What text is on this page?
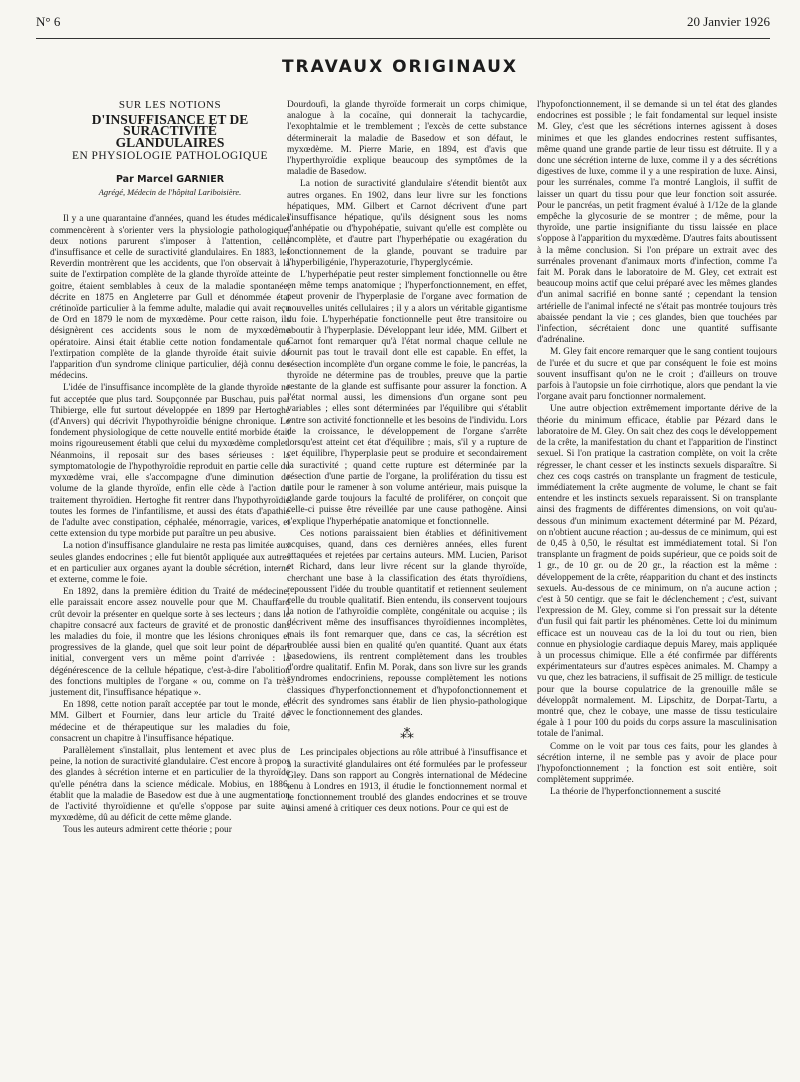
N° 6	20 Janvier 1926
TRAVAUX ORIGINAUX
SUR LES NOTIONS
D'INSUFFISANCE ET DE SURACTIVITÉ
GLANDULAIRES
EN PHYSIOLOGIE PATHOLOGIQUE
Par Marcel GARNIER
Agrégé, Médecin de l'hôpital Lariboisière.

Il y a une quarantaine d'années, quand les études médicales commencèrent à s'orienter vers la physiologie pathologique, deux notions parurent s'imposer à l'attention, celle d'insuffisance et celle de suractivité glandulaires. En 1883, les Reverdin montrèrent que les accidents, que l'on observait à la suite de l'extirpation complète de la glande thyroïde atteinte de goitre, étaient semblables à ceux de la maladie spontanée, décrite en 1875 en Angleterre par Gull et dénommée état crétinoïde particulier à la femme adulte, maladie qui avait reçu de Ord en 1879 le nom de myxœdème. Pour cette raison, ils désignèrent ces accidents sous le nom de myxœdème opératoire. Ainsi était établie cette notion fondamentale que l'extirpation complète de la glande thyroïde était suivie de l'apparition d'un syndrome clinique particulier, déjà connu des médecins.

L'idée de l'insuffisance incomplète de la glande thyroïde ne fut acceptée que plus tard. Soupçonnée par Buschau, puis par Thibierge, elle fut surtout développée en 1899 par Hertoghe (d'Anvers) qui décrivit l'hypothyroïdie bénigne chronique. Le fondement physiologique de cette nouvelle entité morbide était moins rigoureusement établi que celui du myxœdème complet. Néanmoins, il reposait sur des bases sérieuses : la symptomatologie de l'hypothyroïdie reproduit en partie celle du myxœdème vrai, elle s'accompagne d'une diminution de volume de la glande thyroïde, enfin elle cède à l'action du traitement thyroïdien. Hertoghe fit rentrer dans l'hypothyroïdie toutes les formes de l'infantilisme, et aussi des états d'apathie de l'adulte avec constipation, céphalée, ménorragie, varices, et cette extension du type morbide put paraître un peu abusive.

La notion d'insuffisance glandulaire ne resta pas limitée aux seules glandes endocrines ; elle fut bientôt appliquée aux autres et en particulier aux organes ayant la double sécrétion, interne et externe, comme le foie.

En 1892, dans la première édition du Traité de médecine, elle paraissait encore assez nouvelle pour que M. Chauffard crût devoir la présenter en quelque sorte à ses lecteurs ; dans le chapitre consacré aux facteurs de gravité et de pronostic dans les maladies du foie, il montre que les lésions chroniques et progressives de la glande, quel que soit leur point de départ initial, convergent vers un même point d'arrivée : la dégénérescence de la cellule hépatique, c'est-à-dire l'abolition des fonctions multiples de l'organe « ou, comme on l'a très justement dit, l'insuffisance hépatique ».

En 1898, cette notion paraît acceptée par tout le monde, et MM. Gilbert et Fournier, dans leur article du Traité de médecine et de thérapeutique sur les maladies du foie, consacrent un chapitre à l'insuffisance hépatique.

Parallèlement s'installait, plus lentement et avec plus de peine, la notion de suractivité glandulaire. C'est encore à propos des glandes à sécrétion interne et en particulier de la thyroïde qu'elle pénétra dans la science médicale. Mobius, en 1886, établit que la maladie de Basedow est due à une augmentation de l'activité thyroïdienne et qu'elle s'oppose par suite au myxœdème, dû au déficit de cette même glande.

Tous les auteurs admirent cette théorie ; pour

Dourdoufi, la glande thyroïde formerait un corps chimique, analogue à la cocaïne, qui donnerait la tachycardie, l'exophtalmie et le tremblement ; l'excès de cette substance déterminerait la maladie de Basedow et son défaut, le myxœdème. M. Pierre Marie, en 1894, est d'avis que l'hyperthyroïdie explique beaucoup des symptômes de la maladie de Basedow.

La notion de suractivité glandulaire s'étendit bientôt aux autres organes. En 1902, dans leur livre sur les fonctions hépatiques, MM. Gilbert et Carnot décrivent d'une part l'insuffisance hépatique, qu'ils désignent sous les noms d'anhépatie ou d'hypohépatie, suivant qu'elle est complète ou incomplète, et d'autre part l'hyperhépatie ou exagération du fonctionnement de la glande, pouvant se traduire par l'hyperbiligénie, l'hyperazoturie, l'hyperglycémie.

L'hyperhépatie peut rester simplement fonctionnelle ou être en même temps anatomique ; l'hyperfonctionnement, en effet, peut provenir de l'hyperplasie de l'organe avec formation de nouvelles unités cellulaires ; il y a alors un véritable gigantisme du foie. L'hyperhépatie fonctionnelle peut être transitoire ou aboutir à l'hyperplasie. Développant leur idée, MM. Gilbert et Carnot font remarquer qu'à l'état normal chaque cellule ne fournit pas tout le travail dont elle est capable. En effet, la résection incomplète d'un organe comme le foie, le pancréas, la thyroïde ne détermine pas de troubles, preuve que la partie restante de la glande est suffisante pour assurer la fonction. A l'état normal aussi, les dimensions d'un organe sont peu variables ; elles sont déterminées par l'équilibre qui s'établit entre son activité fonctionnelle et les besoins de l'individu. Lors de la croissance, le développement de l'organe s'arrête lorsqu'est atteint cet état d'équilibre ; mais, s'il y a rupture de cet équilibre, l'hyperplasie peut se produire et secondairement la suractivité ; quand cette rupture est déterminée par la résection d'une partie de l'organe, la prolifération du tissu est utile pour le ramener à son volume antérieur, mais puisque la glande garde toujours la faculté de proliférer, on conçoit que celle-ci puisse être réveillée par une cause pathogène. Ainsi s'explique l'hyperhépatie anatomique et fonctionnelle.

Ces notions paraissaient bien établies et définitivement acquises, quand, dans ces dernières années, elles furent attaquées et rejetées par certains auteurs. MM. Lucien, Parisot et Richard, dans leur livre récent sur la glande thyroïde, cherchant une base à la classification des états thyroïdiens, repoussent l'idée du trouble quantitatif et retiennent seulement celle du trouble qualitatif. Bien entendu, ils conservent toujours la notion de l'athyroïdie complète, congénitale ou acquise ; ils décrivent même des insuffisances thyroïdiennes incomplètes, mais ils font remarquer que, dans ce cas, la sécrétion est troublée aussi bien en qualité qu'en quantité. Quant aux états basedowiens, ils rentrent complètement dans les troubles d'ordre qualitatif. Enfin M. Porak, dans son livre sur les grands syndromes endocriniens, repousse complètement les notions classiques d'hyperfonctionnement et d'hypofonctionnement et décrit des syndromes sans établir de lien physio-pathologique avec le fonctionnement des glandes.

⁂

Les principales objections au rôle attribué à l'insuffisance et à la suractivité glandulaires ont été formulées par le professeur Gley. Dans son rapport au Congrès international de Médecine tenu à Londres en 1913, il étudie le fonctionnement normal et le fonctionnement troublé des glandes endocrines et se trouve ainsi amené à critiquer ces deux notions. Pour ce qui est de

l'hypofonctionnement, il se demande si un tel état des glandes endocrines est possible ; le fait fondamental sur lequel insiste M. Gley, c'est que les sécrétions internes agissent à doses minimes et que les glandes endocrines restent suffisantes, même quand une grande partie de leur tissu est détruite. Il y a donc une sécrétion interne de luxe, comme il y a des sécrétions digestives de luxe, comme il y a une respiration de luxe. Ainsi, pour les surrénales, comme l'a montré Langlois, il suffit de laisser un quart du tissu pour que leur fonction soit assurée. Pour le pancréas, un petit fragment évalué à 1/12e de la glande empêche la glycosurie de se montrer ; de même, pour la thyroïde, une partie insignifiante du tissu laissée en place s'oppose à l'apparition du myxœdème. D'autres faits aboutissent à la même conclusion. Si l'on prépare un extrait avec des surrénales provenant d'animaux morts d'infection, comme l'a fait M. Porak dans le laboratoire de M. Gley, cet extrait est beaucoup moins actif que celui préparé avec les mêmes glandes d'un animal sacrifié en bonne santé ; cependant la tension artérielle de l'animal infecté ne s'était pas montrée toujours très abaissée pendant la vie ; ces glandes, bien que touchées par l'infection, sécrétaient donc une quantité suffisante d'adrénaline.

M. Gley fait encore remarquer que le sang contient toujours de l'urée et du sucre et que par conséquent le foie est moins souvent insuffisant qu'on ne le croit ; d'ailleurs on trouve parfois à l'autopsie un foie cirrhotique, alors que pendant la vie l'organe avait paru fonctionner normalement.

Une autre objection extrêmement importante dérive de la théorie du minimum efficace, établie par Pézard dans le laboratoire de M. Gley. On sait chez des coqs le développement de la crête, la manifestation du chant et l'apparition de l'instinct sexuel. Si l'on pratique la castration complète, on voit la crête régresser, le chant cesser et les instincts sexuels disparaître. Si chez ces coqs castrés on transplante un fragment de testicule, immédiatement la crête augmente de volume, le chant se fait entendre et les instincts sexuels reparaissent. Si on transplante ainsi des fragments de différentes dimensions, on voit qu'au-dessous d'un minimum exactement déterminé par M. Pézard, on n'obtient aucune réaction ; au-dessus de ce minimum, qui est de 0,45 à 0,50, le résultat est immédiatement total. Si l'on transplante un fragment de poids supérieur, que ce poids soit de 1 gr., de 10 gr. ou de 20 gr., la réaction est la même : développement de la crête, réapparition du chant et des instincts sexuels. Au-dessous de ce minimum, on n'a aucune action ; c'est à 50 centigr. que se fait le déclenchement ; c'est, suivant l'expression de M. Gley, comme si l'on pressait sur la détente d'un fusil qui fait partir les phénomènes. Cette loi du minimum efficace est un nouveau cas de la loi du tout ou rien, bien connue en physiologie cardiaque depuis Marey, mais appliquée à un processus chimique. Elle a été confirmée par différents expérimentateurs sur d'autres espèces animales. M. Champy a vu que, chez les batraciens, il suffisait de 25 milligr. de testicule pour que la bourse copulatrice de la grenouille mâle se développât normalement. M. Lipschitz, de Dorpat-Tartu, a montré que, chez le cobaye, une masse de tissu testiculaire égale à 1 pour 100 du poids du corps assure la masculinisation totale de l'animal.

Comme on le voit par tous ces faits, pour les glandes à sécrétion interne, il ne semble pas y avoir de place pour l'hypofonctionnement ; la fonction est soit entière, soit complètement supprimée.

La théorie de l'hyperfonctionnement a suscité
